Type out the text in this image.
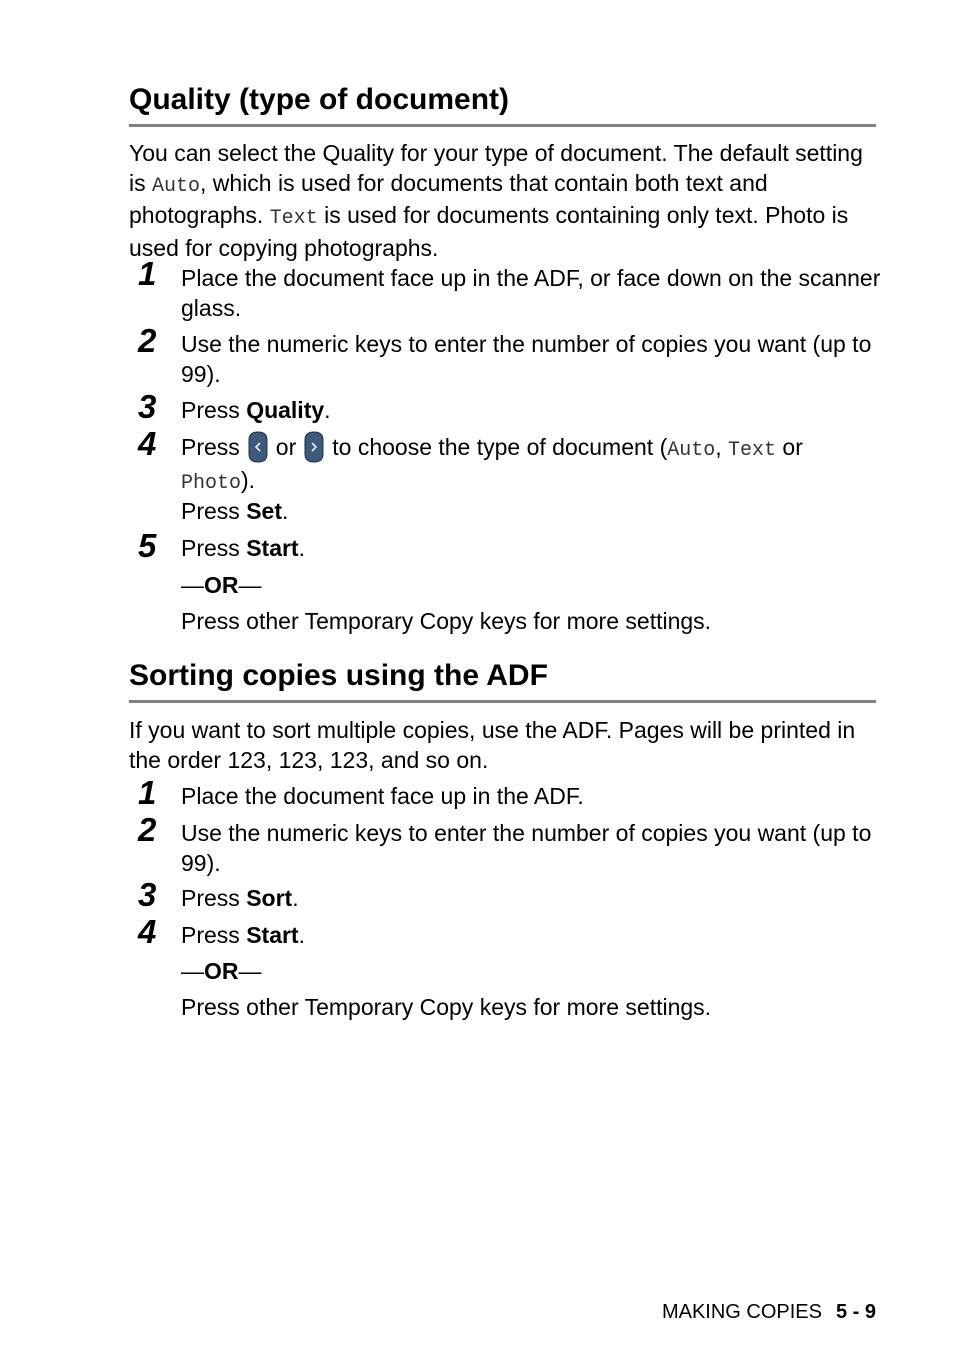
Quality (type of document)
You can select the Quality for your type of document. The default setting is Auto, which is used for documents that contain both text and photographs. Text is used for documents containing only text. Photo is used for copying photographs.
1	Place the document face up in the ADF, or face down on the scanner glass.
2	Use the numeric keys to enter the number of copies you want (up to 99).
3	Press Quality.
4	Press or to choose the type of document (Auto, Text or Photo).
Press Set.
5	Press Start.
—OR—
Press other Temporary Copy keys for more settings.
Sorting copies using the ADF
If you want to sort multiple copies, use the ADF. Pages will be printed in the order 123, 123, 123, and so on.
1	Place the document face up in the ADF.
2	Use the numeric keys to enter the number of copies you want (up to 99).
3	Press Sort.
4	Press Start.
—OR—
Press other Temporary Copy keys for more settings.
MAKING COPIES 5 - 9
